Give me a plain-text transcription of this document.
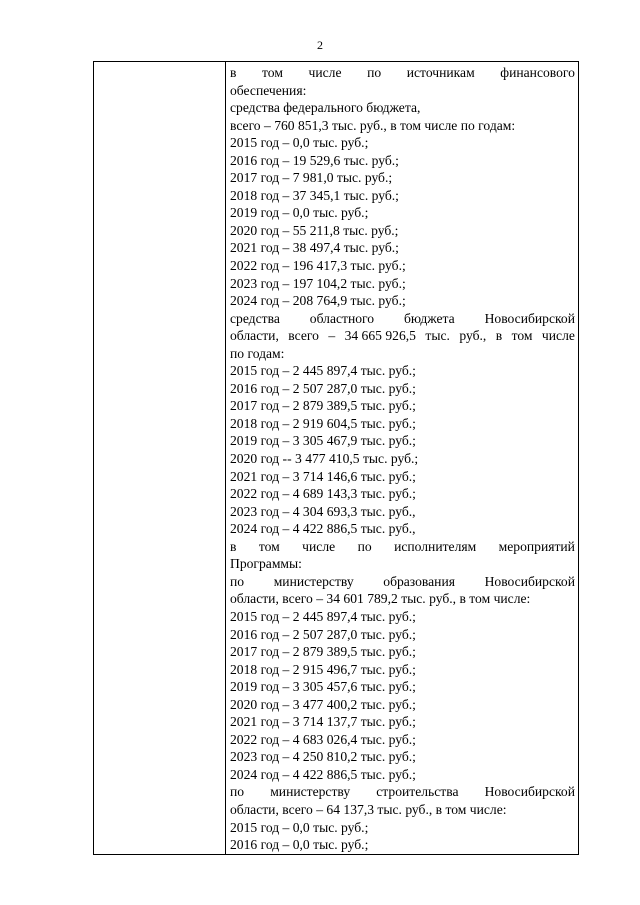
2

в том числе по источникам финансового
обеспечения:
средства федерального бюджета,
всего – 760 851,3 тыс. руб., в том числе по годам:
2015 год – 0,0 тыс. руб.;
2016 год – 19 529,6 тыс. руб.;
2017 год – 7 981,0 тыс. руб.;
2018 год – 37 345,1 тыс. руб.;
2019 год – 0,0 тыс. руб.;
2020 год – 55 211,8 тыс. руб.;
2021 год – 38 497,4 тыс. руб.;
2022 год – 196 417,3 тыс. руб.;
2023 год – 197 104,2 тыс. руб.;
2024 год – 208 764,9 тыс. руб.;
средства областного бюджета Новосибирской
области, всего – 34 665 926,5 тыс. руб., в том числе
по годам:
2015 год – 2 445 897,4 тыс. руб.;
2016 год – 2 507 287,0 тыс. руб.;
2017 год – 2 879 389,5 тыс. руб.;
2018 год – 2 919 604,5 тыс. руб.;
2019 год – 3 305 467,9 тыс. руб.;
2020 год -- 3 477 410,5 тыс. руб.;
2021 год – 3 714 146,6 тыс. руб.;
2022 год – 4 689 143,3 тыс. руб.;
2023 год – 4 304 693,3 тыс. руб.,
2024 год – 4 422 886,5 тыс. руб.,
в том числе по исполнителям мероприятий
Программы:
по министерству образования Новосибирской
области, всего – 34 601 789,2 тыс. руб., в том числе:
2015 год – 2 445 897,4 тыс. руб.;
2016 год – 2 507 287,0 тыс. руб.;
2017 год – 2 879 389,5 тыс. руб.;
2018 год – 2 915 496,7 тыс. руб.;
2019 год – 3 305 457,6 тыс. руб.;
2020 год – 3 477 400,2 тыс. руб.;
2021 год – 3 714 137,7 тыс. руб.;
2022 год – 4 683 026,4 тыс. руб.;
2023 год – 4 250 810,2 тыс. руб.;
2024 год – 4 422 886,5 тыс. руб.;
по министерству строительства Новосибирской
области, всего – 64 137,3 тыс. руб., в том числе:
2015 год – 0,0 тыс. руб.;
2016 год – 0,0 тыс. руб.;
